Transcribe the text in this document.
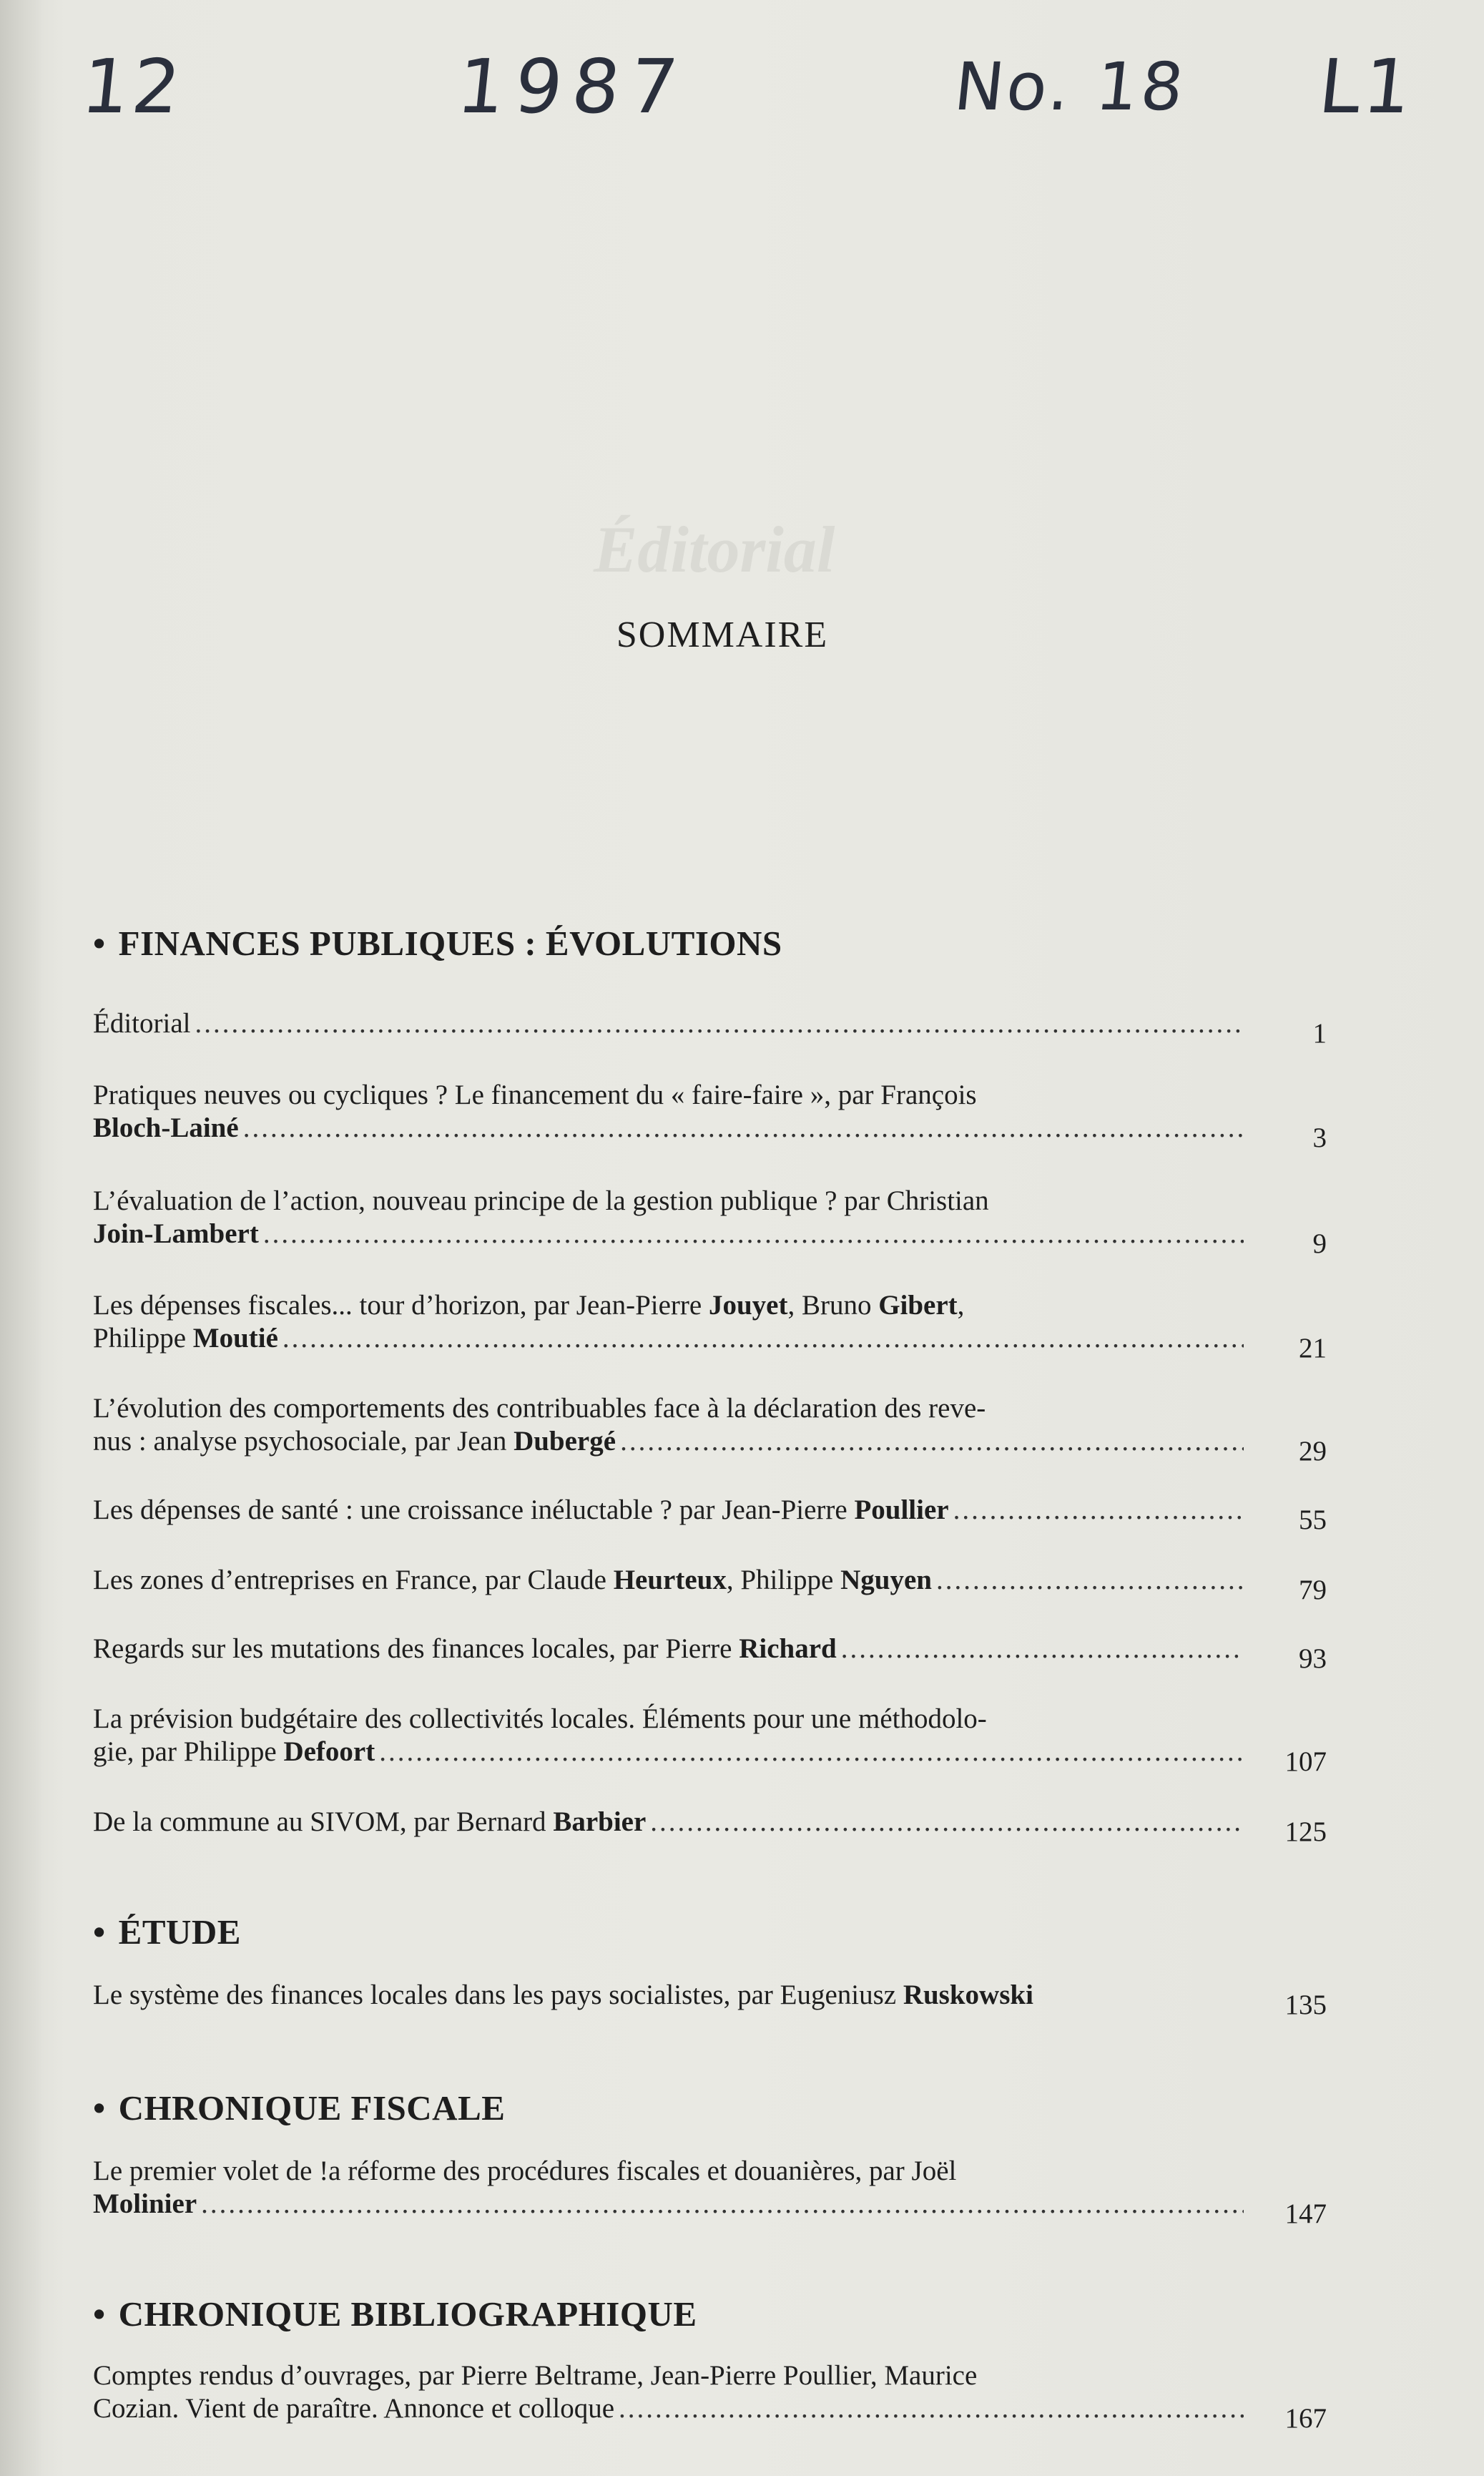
12	1987	No. 18 L1
Éditorial
SOMMAIRE
• FINANCES PUBLIQUES : ÉVOLUTIONS
Éditorial .....	1
Pratiques neuves ou cycliques ? Le financement du « faire-faire », par François
Bloch-Lainé .....	3
L’évaluation de l’action, nouveau principe de la gestion publique ? par Christian
Join-Lambert .....	9
Les dépenses fiscales... tour d’horizon, par Jean-Pierre Jouyet, Bruno Gibert,
Philippe Moutié .....	21
L’évolution des comportements des contribuables face à la déclaration des reve-
nus : analyse psychosociale, par Jean Dubergé .....	29
Les dépenses de santé : une croissance inéluctable ? par Jean-Pierre Poullier .....	55
Les zones d’entreprises en France, par Claude Heurteux, Philippe Nguyen .....	79
Regards sur les mutations des finances locales, par Pierre Richard .....	93
La prévision budgétaire des collectivités locales. Éléments pour une méthodolo-
gie, par Philippe Defoort .....	107
De la commune au SIVOM, par Bernard Barbier .....	125
• ÉTUDE
Le système des finances locales dans les pays socialistes, par Eugeniusz Ruskowski	135
• CHRONIQUE FISCALE
Le premier volet de !a réforme des procédures fiscales et douanières, par Joël
Molinier .....	147
• CHRONIQUE BIBLIOGRAPHIQUE
Comptes rendus d’ouvrages, par Pierre Beltrame, Jean-Pierre Poullier, Maurice
Cozian. Vient de paraître. Annonce et colloque .....	167
